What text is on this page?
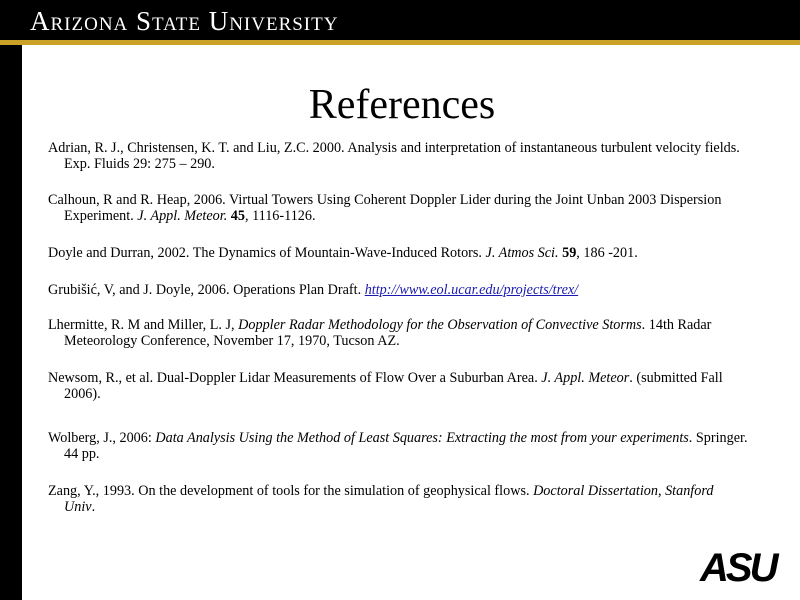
Arizona State University
References
Adrian, R. J., Christensen, K. T. and Liu, Z.C. 2000. Analysis and interpretation of instantaneous turbulent velocity fields. Exp. Fluids 29: 275 – 290.
Calhoun, R and R. Heap, 2006. Virtual Towers Using Coherent Doppler Lider during the Joint Unban 2003 Dispersion Experiment. J. Appl. Meteor. 45, 1116-1126.
Doyle and Durran, 2002. The Dynamics of Mountain-Wave-Induced Rotors. J. Atmos Sci. 59, 186 -201.
Grubišić, V, and J. Doyle, 2006. Operations Plan Draft. http://www.eol.ucar.edu/projects/trex/
Lhermitte, R. M and Miller, L. J, Doppler Radar Methodology for the Observation of Convective Storms. 14th Radar Meteorology Conference, November 17, 1970, Tucson AZ.
Newsom, R., et al. Dual-Doppler Lidar Measurements of Flow Over a Suburban Area. J. Appl. Meteor. (submitted Fall 2006).
Wolberg, J., 2006: Data Analysis Using the Method of Least Squares: Extracting the most from your experiments. Springer. 44 pp.
Zang, Y., 1993. On the development of tools for the simulation of geophysical flows. Doctoral Dissertation, Stanford Univ.
ASU
